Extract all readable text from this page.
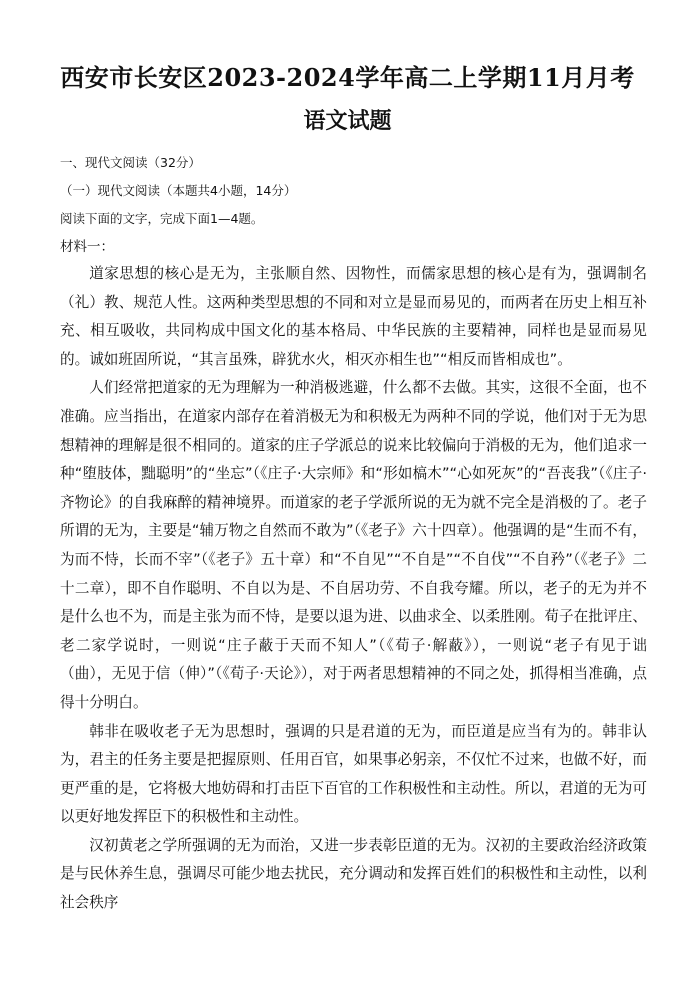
西安市长安区2023-2024学年高二上学期11月月考
语文试题

一、现代文阅读（32分）

（一）现代文阅读（本题共4小题，14分）

阅读下面的文字，完成下面1—4题。

材料一：

道家思想的核心是无为，主张顺自然、因物性，而儒家思想的核心是有为，强调制名（礼）教、规范人性。这两种类型思想的不同和对立是显而易见的，而两者在历史上相互补充、相互吸收，共同构成中国文化的基本格局、中华民族的主要精神，同样也是显而易见的。诚如班固所说，“其言虽殊，辟犹水火，相灭亦相生也”“相反而皆相成也”。

人们经常把道家的无为理解为一种消极逃避，什么都不去做。其实，这很不全面，也不准确。应当指出，在道家内部存在着消极无为和积极无为两种不同的学说，他们对于无为思想精神的理解是很不相同的。道家的庄子学派总的说来比较偏向于消极的无为，他们追求一种“堕肢体，黜聪明”的“坐忘”（《庄子·大宗师》和“形如槁木”“心如死灰”的“吾丧我”（《庄子·齐物论》的自我麻醉的精神境界。而道家的老子学派所说的无为就不完全是消极的了。老子所谓的无为，主要是“辅万物之自然而不敢为”（《老子》六十四章）。他强调的是“生而不有，为而不恃，长而不宰”（《老子》五十章）和“不自见”“不自是”“不自伐”“不自矜”（《老子》二十二章），即不自作聪明、不自以为是、不自居功劳、不自我夸耀。所以，老子的无为并不是什么也不为，而是主张为而不恃，是要以退为进、以曲求全、以柔胜刚。荀子在批评庄、老二家学说时，一则说“庄子蔽于天而不知人”（《荀子·解蔽》），一则说“老子有见于诎（曲），无见于信（伸）”（《荀子·天论》），对于两者思想精神的不同之处，抓得相当准确，点得十分明白。

韩非在吸收老子无为思想时，强调的只是君道的无为，而臣道是应当有为的。韩非认为，君主的任务主要是把握原则、任用百官，如果事必躬亲，不仅忙不过来，也做不好，而更严重的是，它将极大地妨碍和打击臣下百官的工作积极性和主动性。所以，君道的无为可以更好地发挥臣下的积极性和主动性。

汉初黄老之学所强调的无为而治，又进一步表彰臣道的无为。汉初的主要政治经济政策是与民休养生息，强调尽可能少地去扰民，充分调动和发挥百姓们的积极性和主动性，以利社会秩序
